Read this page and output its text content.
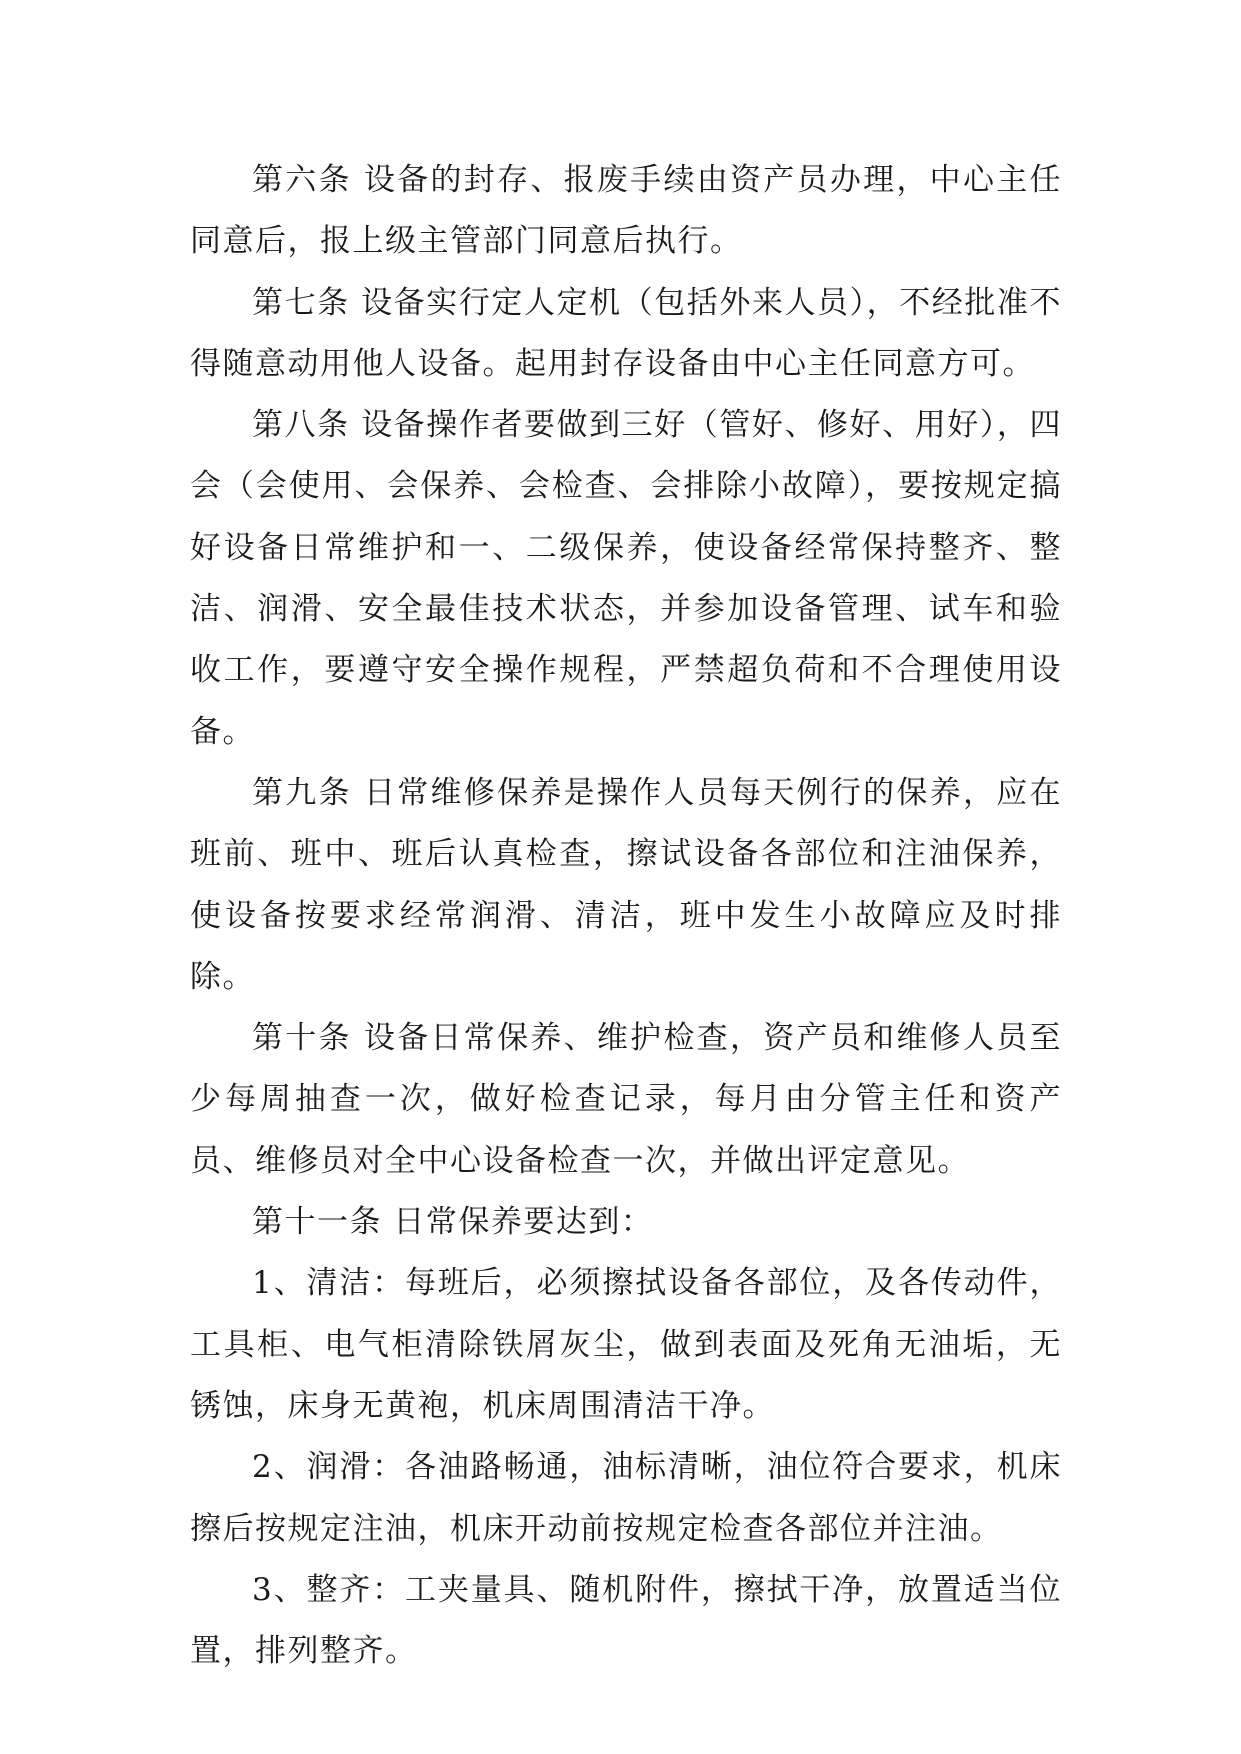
第六条 设备的封存、报废手续由资产员办理，中心主任同意后，报上级主管部门同意后执行。

第七条 设备实行定人定机（包括外来人员），不经批准不得随意动用他人设备。起用封存设备由中心主任同意方可。

第八条 设备操作者要做到三好（管好、修好、用好），四会（会使用、会保养、会检查、会排除小故障），要按规定搞好设备日常维护和一、二级保养，使设备经常保持整齐、整洁、润滑、安全最佳技术状态，并参加设备管理、试车和验收工作，要遵守安全操作规程，严禁超负荷和不合理使用设备。

第九条 日常维修保养是操作人员每天例行的保养，应在班前、班中、班后认真检查，擦试设备各部位和注油保养，使设备按要求经常润滑、清洁，班中发生小故障应及时排除。

第十条 设备日常保养、维护检查，资产员和维修人员至少每周抽查一次，做好检查记录，每月由分管主任和资产员、维修员对全中心设备检查一次，并做出评定意见。

第十一条 日常保养要达到：

1、清洁：每班后，必须擦拭设备各部位，及各传动件，工具柜、电气柜清除铁屑灰尘，做到表面及死角无油垢，无锈蚀，床身无黄袍，机床周围清洁干净。

2、润滑：各油路畅通，油标清晰，油位符合要求，机床擦后按规定注油，机床开动前按规定检查各部位并注油。

3、整齐：工夹量具、随机附件，擦拭干净，放置适当位置，排列整齐。
